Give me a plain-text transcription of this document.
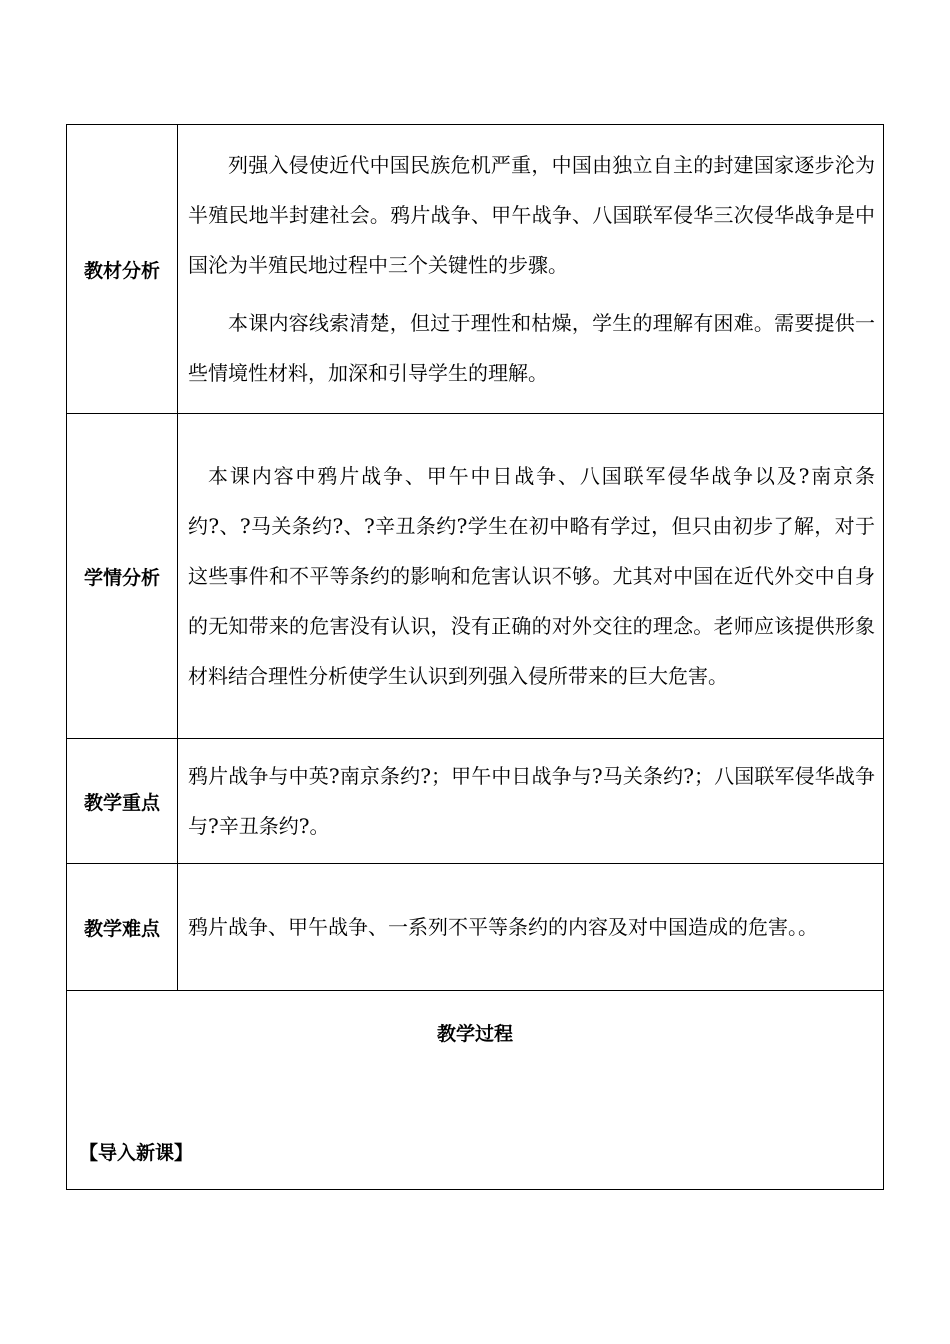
教材分析	列强入侵使近代中国民族危机严重，中国由独立自主的封建国家逐步沦为半殖民地半封建社会。鸦片战争、甲午战争、八国联军侵华三次侵华战争是中国沦为半殖民地过程中三个关键性的步骤。

本课内容线索清楚，但过于理性和枯燥，学生的理解有困难。需要提供一些情境性材料，加深和引导学生的理解。

学情分析	本课内容中鸦片战争、甲午中日战争、八国联军侵华战争以及?南京条约?、?马关条约?、?辛丑条约?学生在初中略有学过，但只由初步了解，对于这些事件和不平等条约的影响和危害认识不够。尤其对中国在近代外交中自身的无知带来的危害没有认识，没有正确的对外交往的理念。老师应该提供形象材料结合理性分析使学生认识到列强入侵所带来的巨大危害。

教学重点	鸦片战争与中英?南京条约?；甲午中日战争与?马关条约?；八国联军侵华战争与?辛丑条约?。

教学难点	鸦片战争、甲午战争、一系列不平等条约的内容及对中国造成的危害。。

教学过程
【导入新课】	
